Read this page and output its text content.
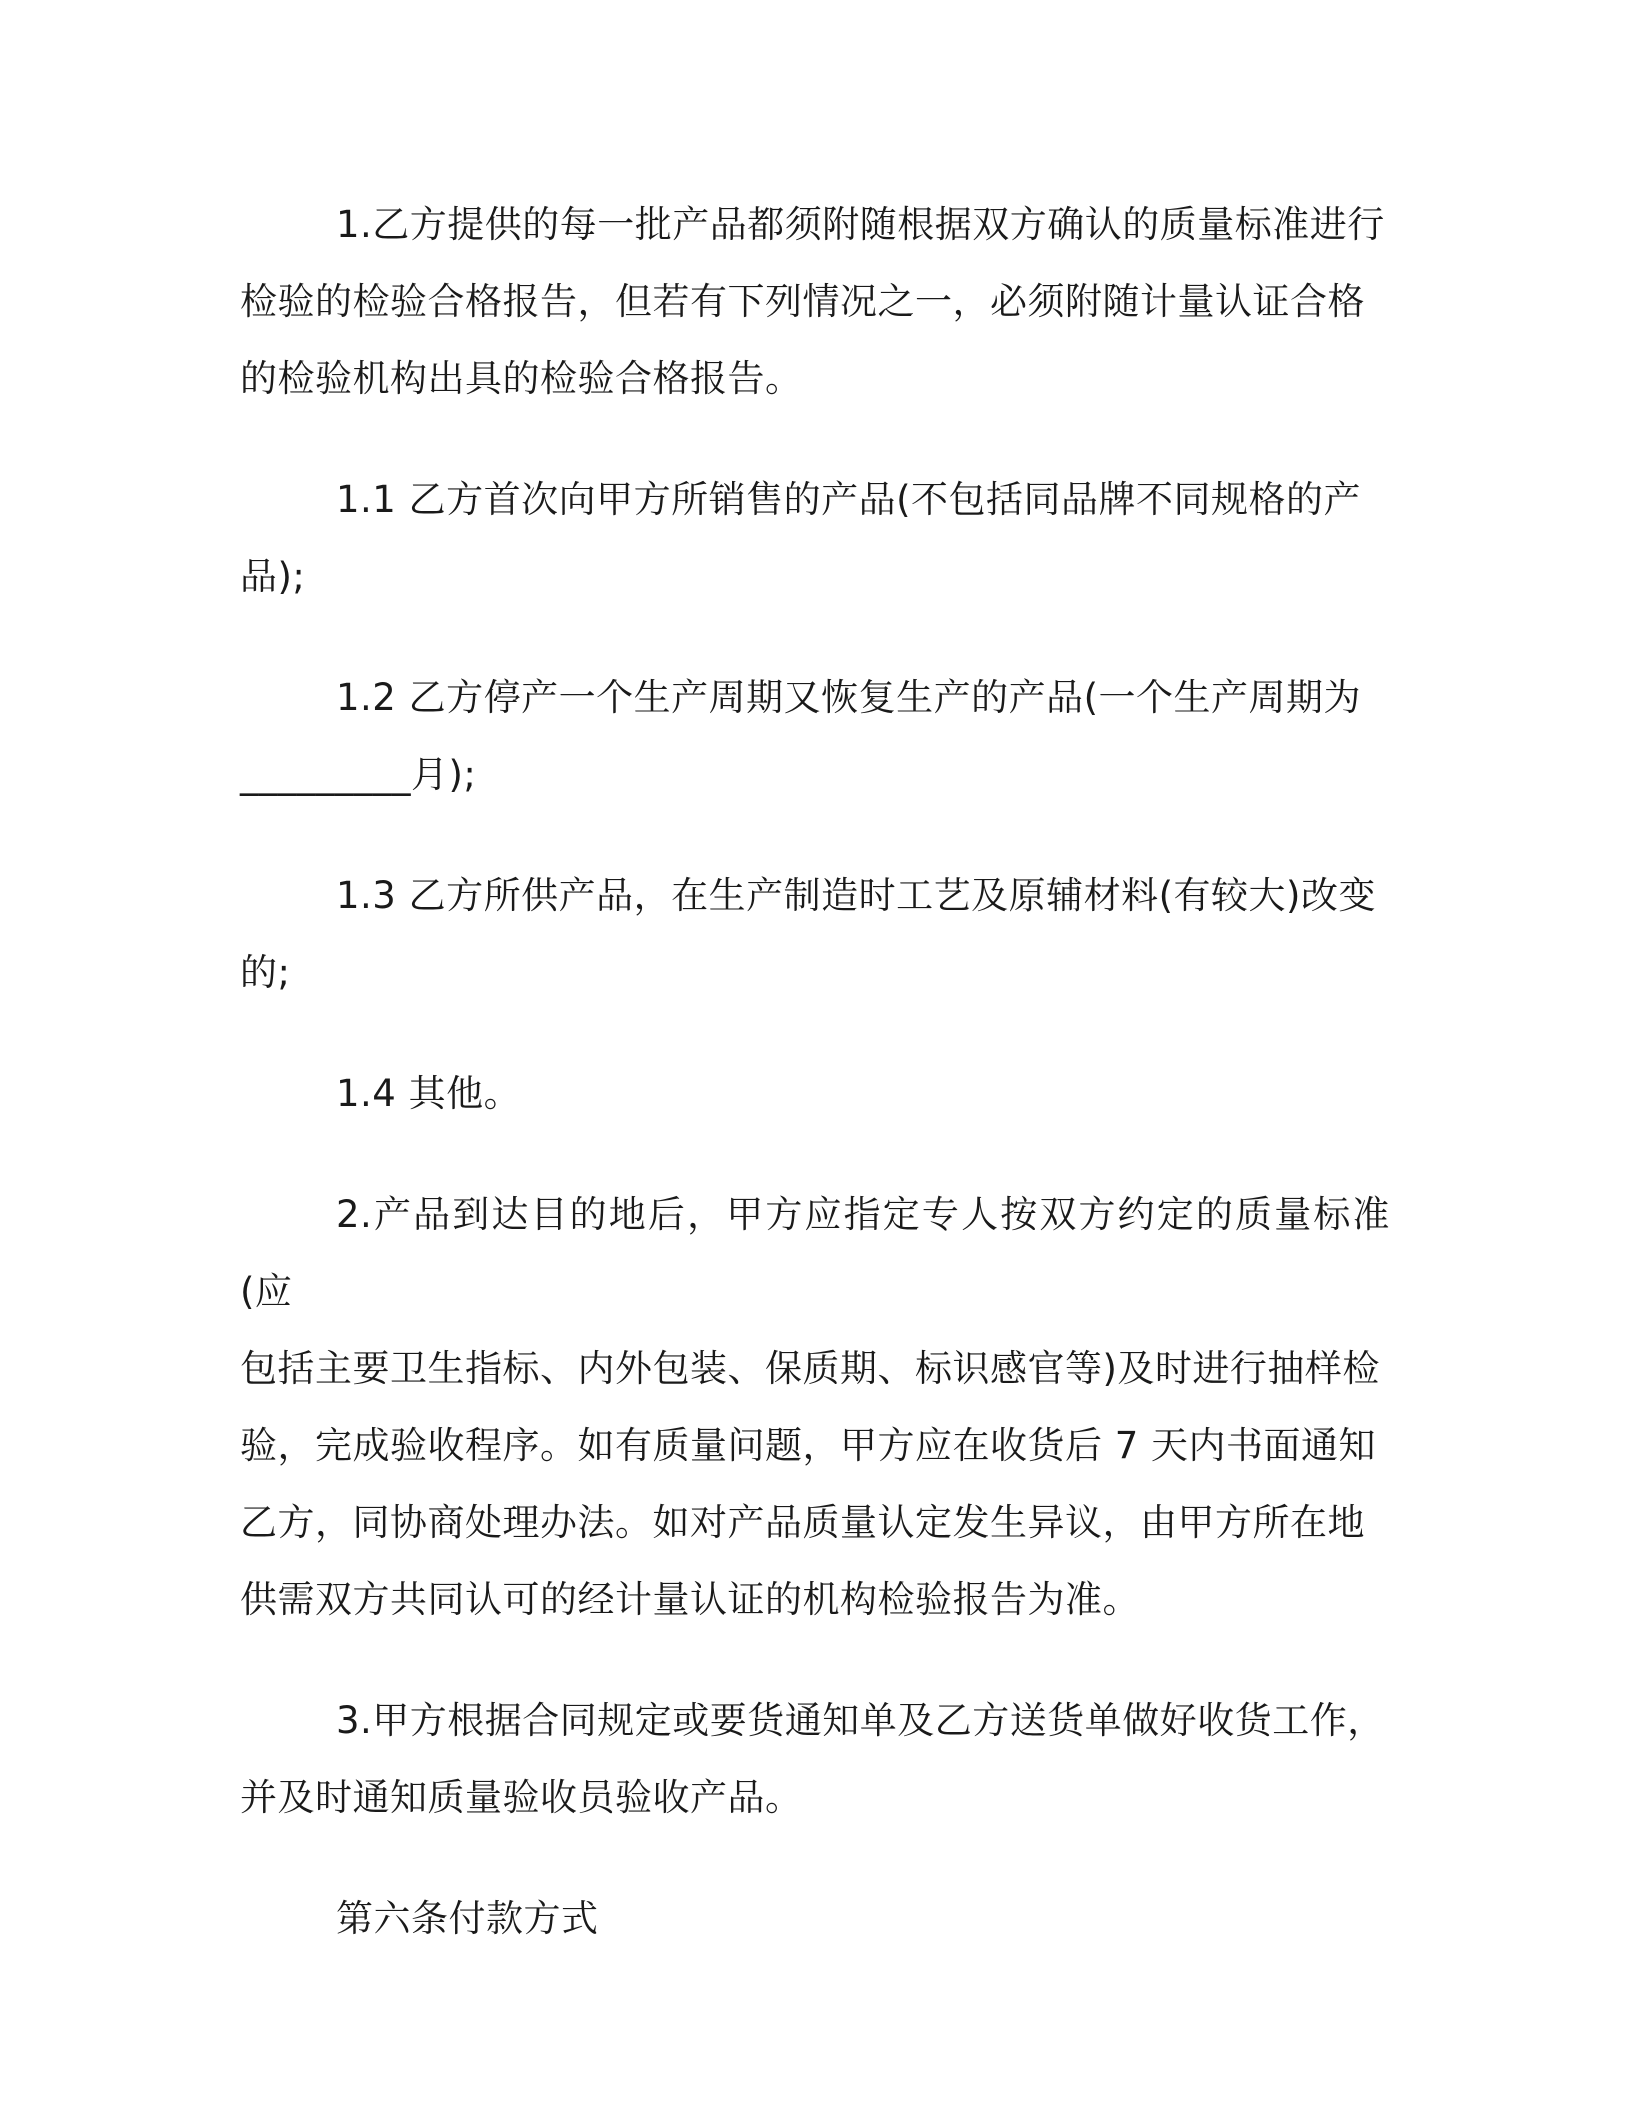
1.乙方提供的每一批产品都须附随根据双方确认的质量标准进行
检验的检验合格报告，但若有下列情况之一，必须附随计量认证合格
的检验机构出具的检验合格报告。

1.1 乙方首次向甲方所销售的产品(不包括同品牌不同规格的产
品);

1.2 乙方停产一个生产周期又恢复生产的产品(一个生产周期为
_________月);

1.3 乙方所供产品，在生产制造时工艺及原辅材料(有较大)改变
的;

1.4 其他。

2.产品到达目的地后，甲方应指定专人按双方约定的质量标准(应
包括主要卫生指标、内外包装、保质期、标识感官等)及时进行抽样检
验，完成验收程序。如有质量问题，甲方应在收货后 7 天内书面通知
乙方，同协商处理办法。如对产品质量认定发生异议，由甲方所在地
供需双方共同认可的经计量认证的机构检验报告为准。

3.甲方根据合同规定或要货通知单及乙方送货单做好收货工作，
并及时通知质量验收员验收产品。

第六条付款方式
